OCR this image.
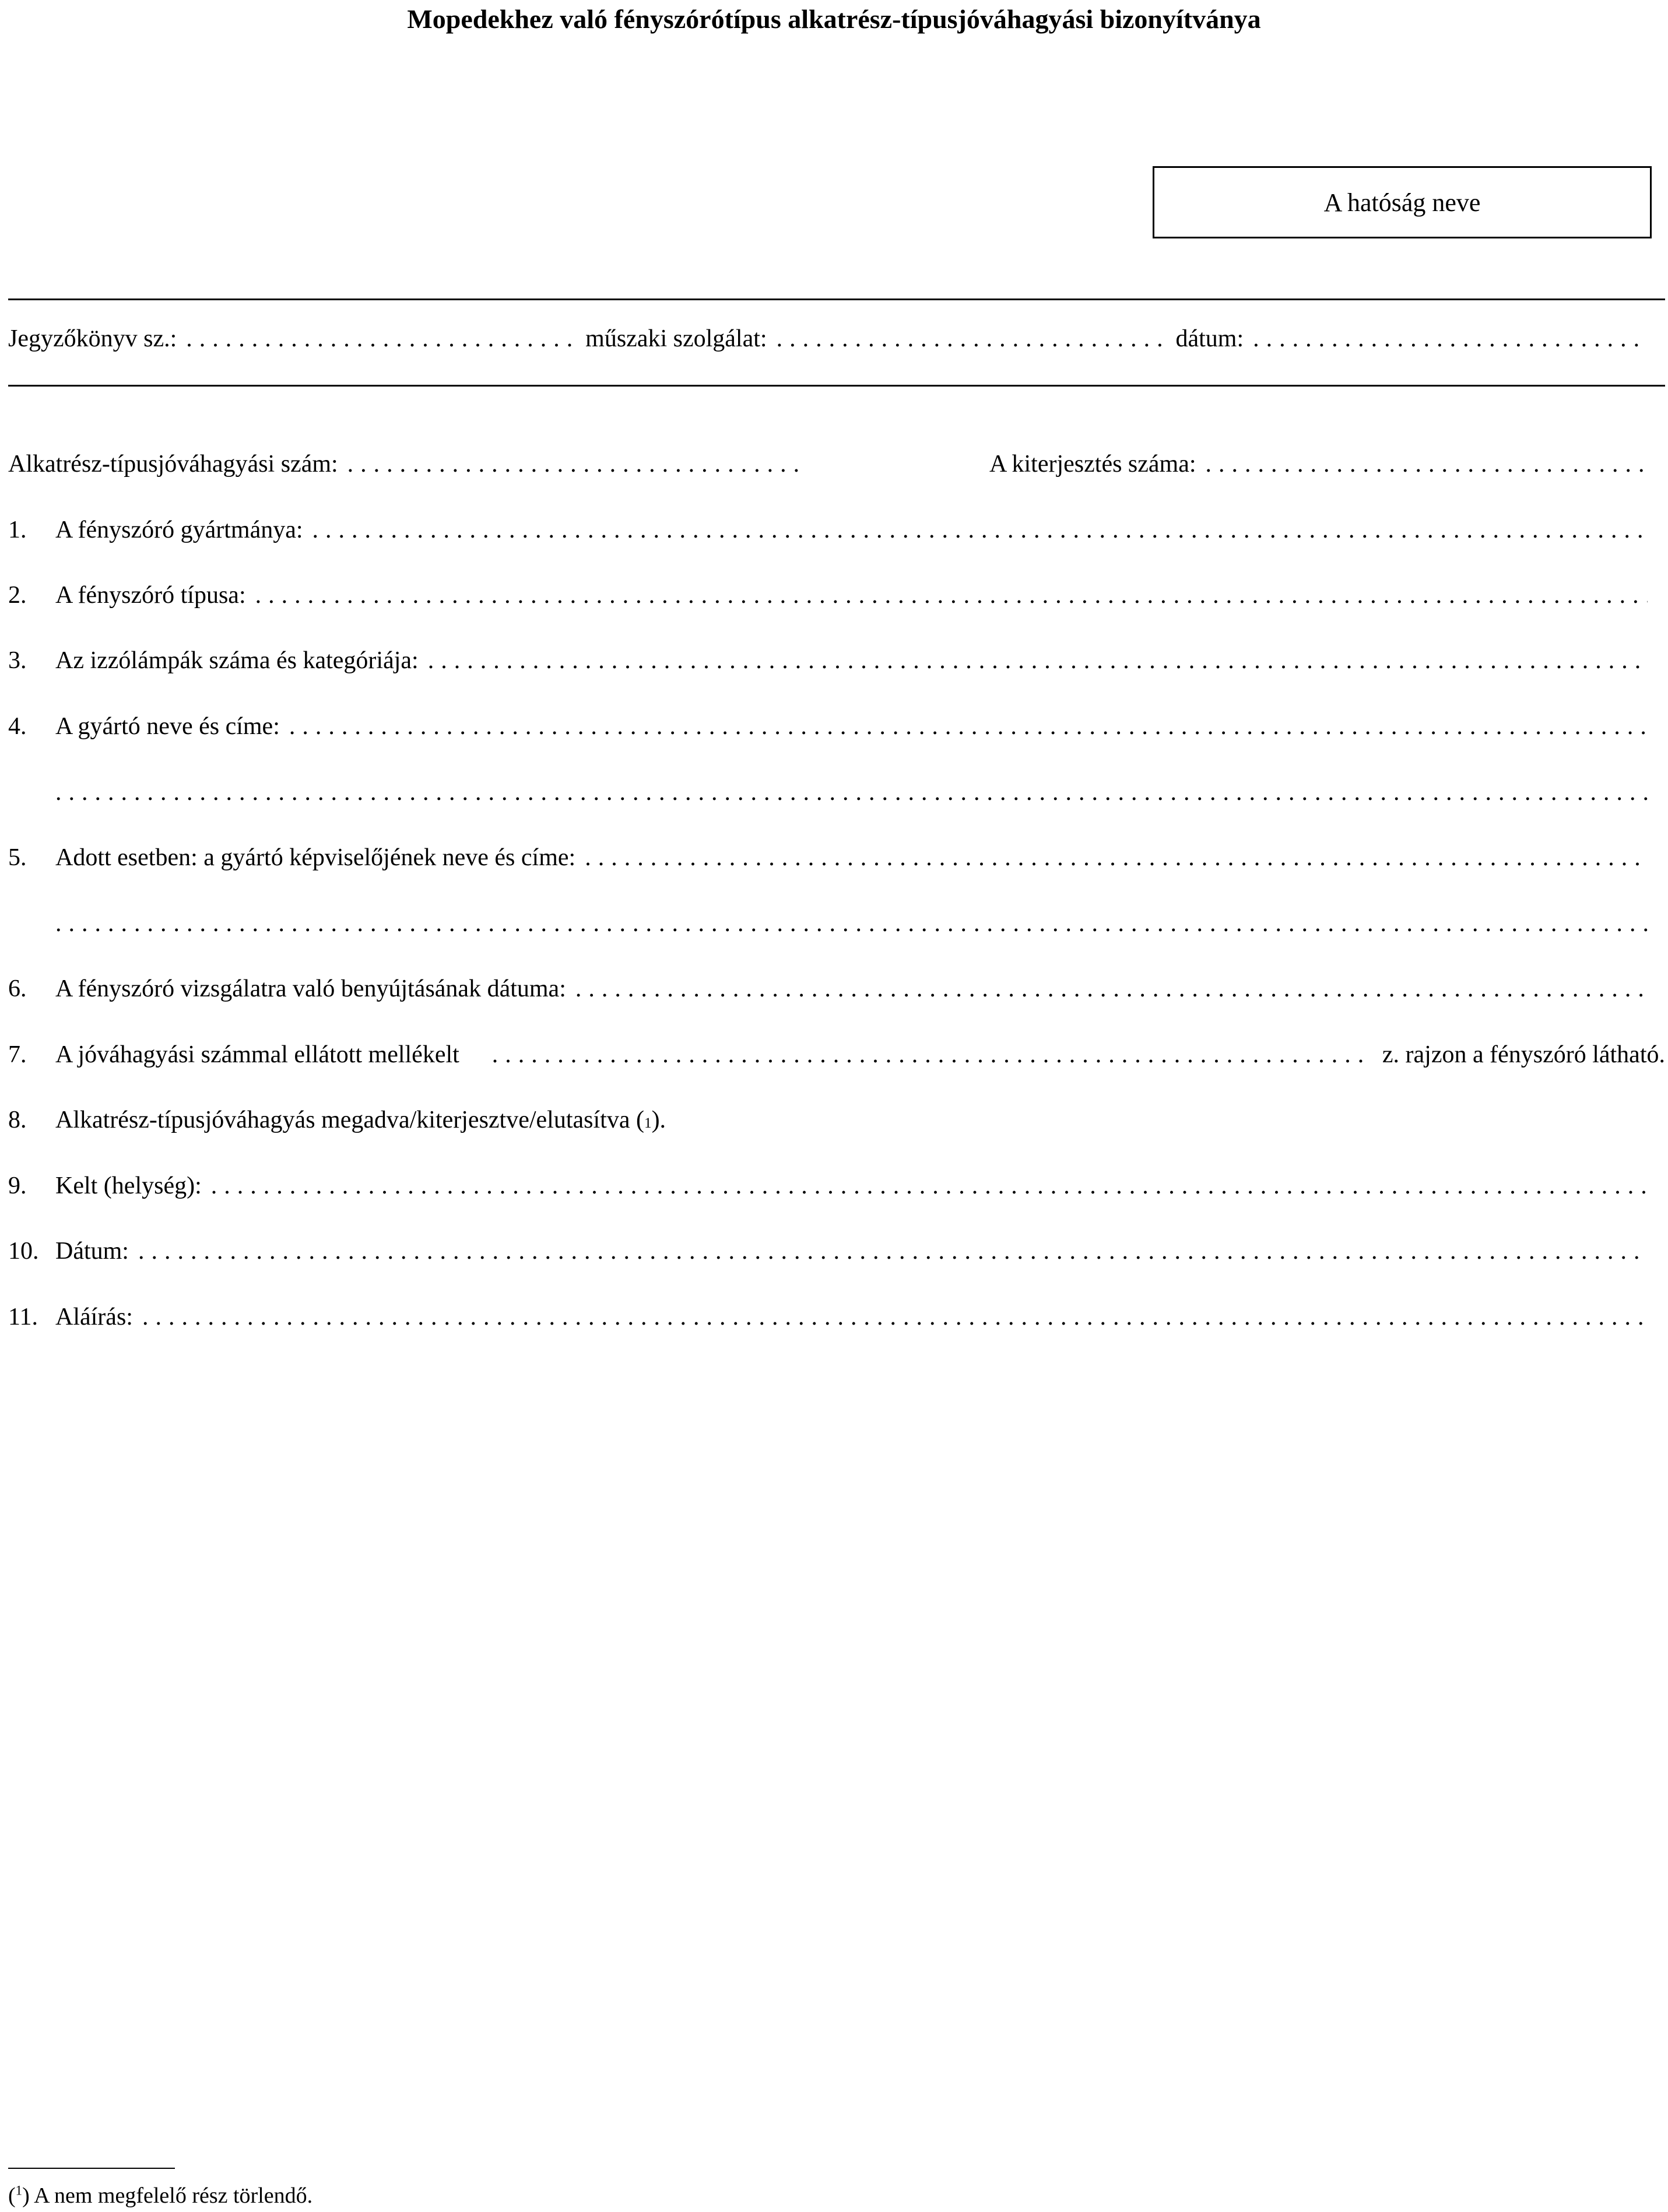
Mopedekhez való fényszórótípus alkatrész-típusjóváhagyási bizonyítványa
A hatóság neve
Jegyzőkönyv sz.: .....	műszaki szolgálat: .....	dátum:
.....
Alkatrész-típusjóváhagyási szám: .....	A kiterjesztés száma:
.....
1.	A fényszóró gyártmánya:
.....
2.	A fényszóró típusa:
.....
3.	Az izzólámpák száma és kategóriája:
.....
4.	A gyártó neve és címe:
.....
.....
5.	Adott esetben: a gyártó képviselőjének neve és címe:
.....
.....
6.	A fényszóró vizsgálatra való benyújtásának dátuma:
.....
7.	A jóváhagyási számmal ellátott mellékelt .....	z. rajzon a fényszóró látható.
8.	Alkatrész-típusjóváhagyás megadva/kiterjesztve/elutasítva ( 1 ).
9.	Kelt (helység):
.....
10. Dátum:
.....
11. Aláírás:
.....
($^1$) A nem megfelelő rész törlendő.
